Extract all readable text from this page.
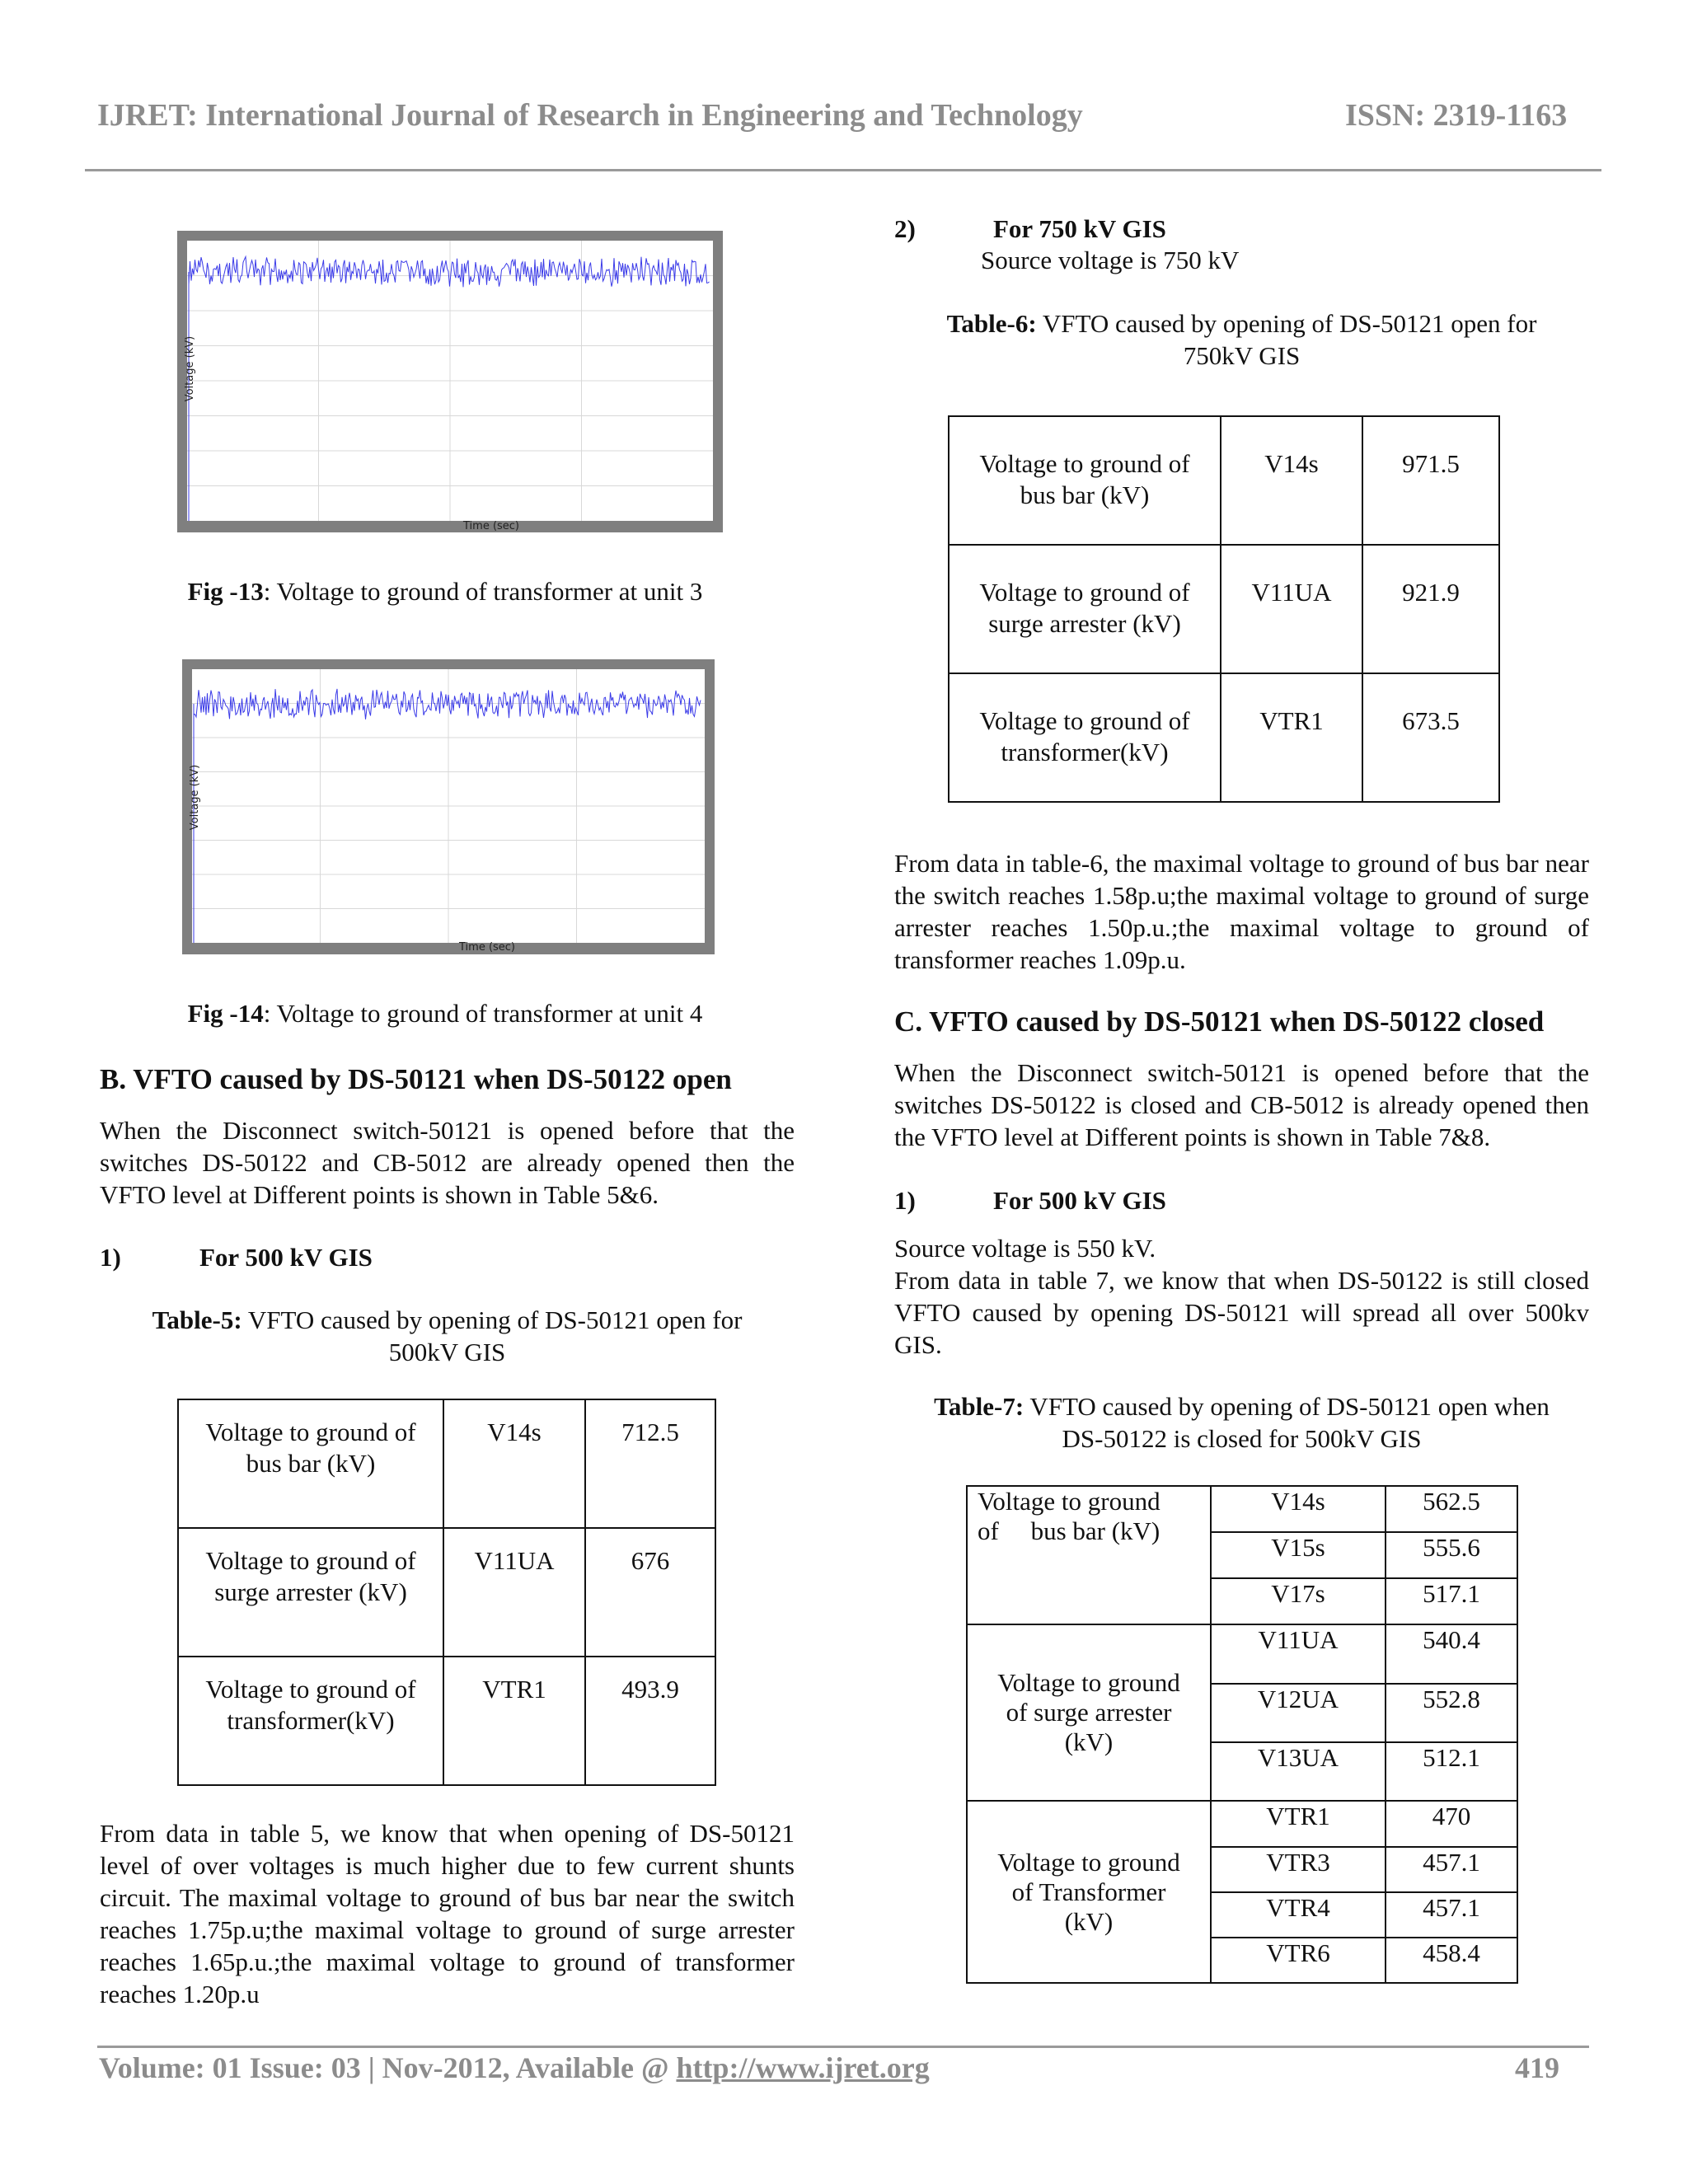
IJRET: International Journal of Research in Engineering and Technology	ISSN: 2319-1163
Time (sec)
Voltage (kV)
Fig -13: Voltage to ground of transformer at unit 3
Time (sec)
Voltage (kV)
Fig -14: Voltage to ground of transformer at unit 4
B. VFTO caused by DS-50121 when DS-50122 open
When the Disconnect switch-50121 is opened before that the switches DS-50122 and CB-5012 are already opened then the VFTO level at Different points is shown in Table 5&6.
1)	For 500 kV GIS
Table-5: VFTO caused by opening of DS-50121 open for
500kV GIS
Voltage to ground of
bus bar (kV)	V14s	712.5
Voltage to ground of
surge arrester (kV)	V11UA	676
Voltage to ground of
transformer(kV)	VTR1	493.9
From data in table 5, we know that when opening of DS-50121 level of over voltages is much higher due to few current shunts circuit. The maximal voltage to ground of bus bar near the switch reaches 1.75p.u;the maximal voltage to ground of surge arrester reaches 1.65p.u.;the maximal voltage to ground of transformer reaches 1.20p.u
2)	For 750 kV GIS
Source voltage is 750 kV
Table-6: VFTO caused by opening of DS-50121 open for
750kV GIS
Voltage to ground of
bus bar (kV)	V14s	971.5
Voltage to ground of
surge arrester (kV)	V11UA	921.9
Voltage to ground of
transformer(kV)	VTR1	673.5
From data in table-6, the maximal voltage to ground of bus bar near the switch reaches 1.58p.u;the maximal voltage to ground of surge arrester reaches 1.50p.u.;the maximal voltage to ground of transformer reaches 1.09p.u.
C. VFTO caused by DS-50121 when DS-50122 closed
When the Disconnect switch-50121 is opened before that the switches DS-50122 is closed and CB-5012 is already opened then the VFTO level at Different points is shown in Table 7&8.
1)	For 500 kV GIS
Source voltage is 550 kV.
From data in table 7, we know that when DS-50122 is still closed VFTO caused by opening DS-50121 will spread all over 500kv GIS.
Table-7: VFTO caused by opening of DS-50121 open when
DS-50122 is closed for 500kV GIS
Voltage to ground
of     bus bar (kV)	V14s	562.5
	V15s	555.6
	V17s	517.1
Voltage to ground
of surge arrester
(kV)	V11UA	540.4
	V12UA	552.8
	V13UA	512.1
Voltage to ground
of Transformer
(kV)	VTR1	470
	VTR3	457.1
	VTR4	457.1
	VTR6	458.4
Volume: 01 Issue: 03 | Nov-2012, Available @ http://www.ijret.org	419
